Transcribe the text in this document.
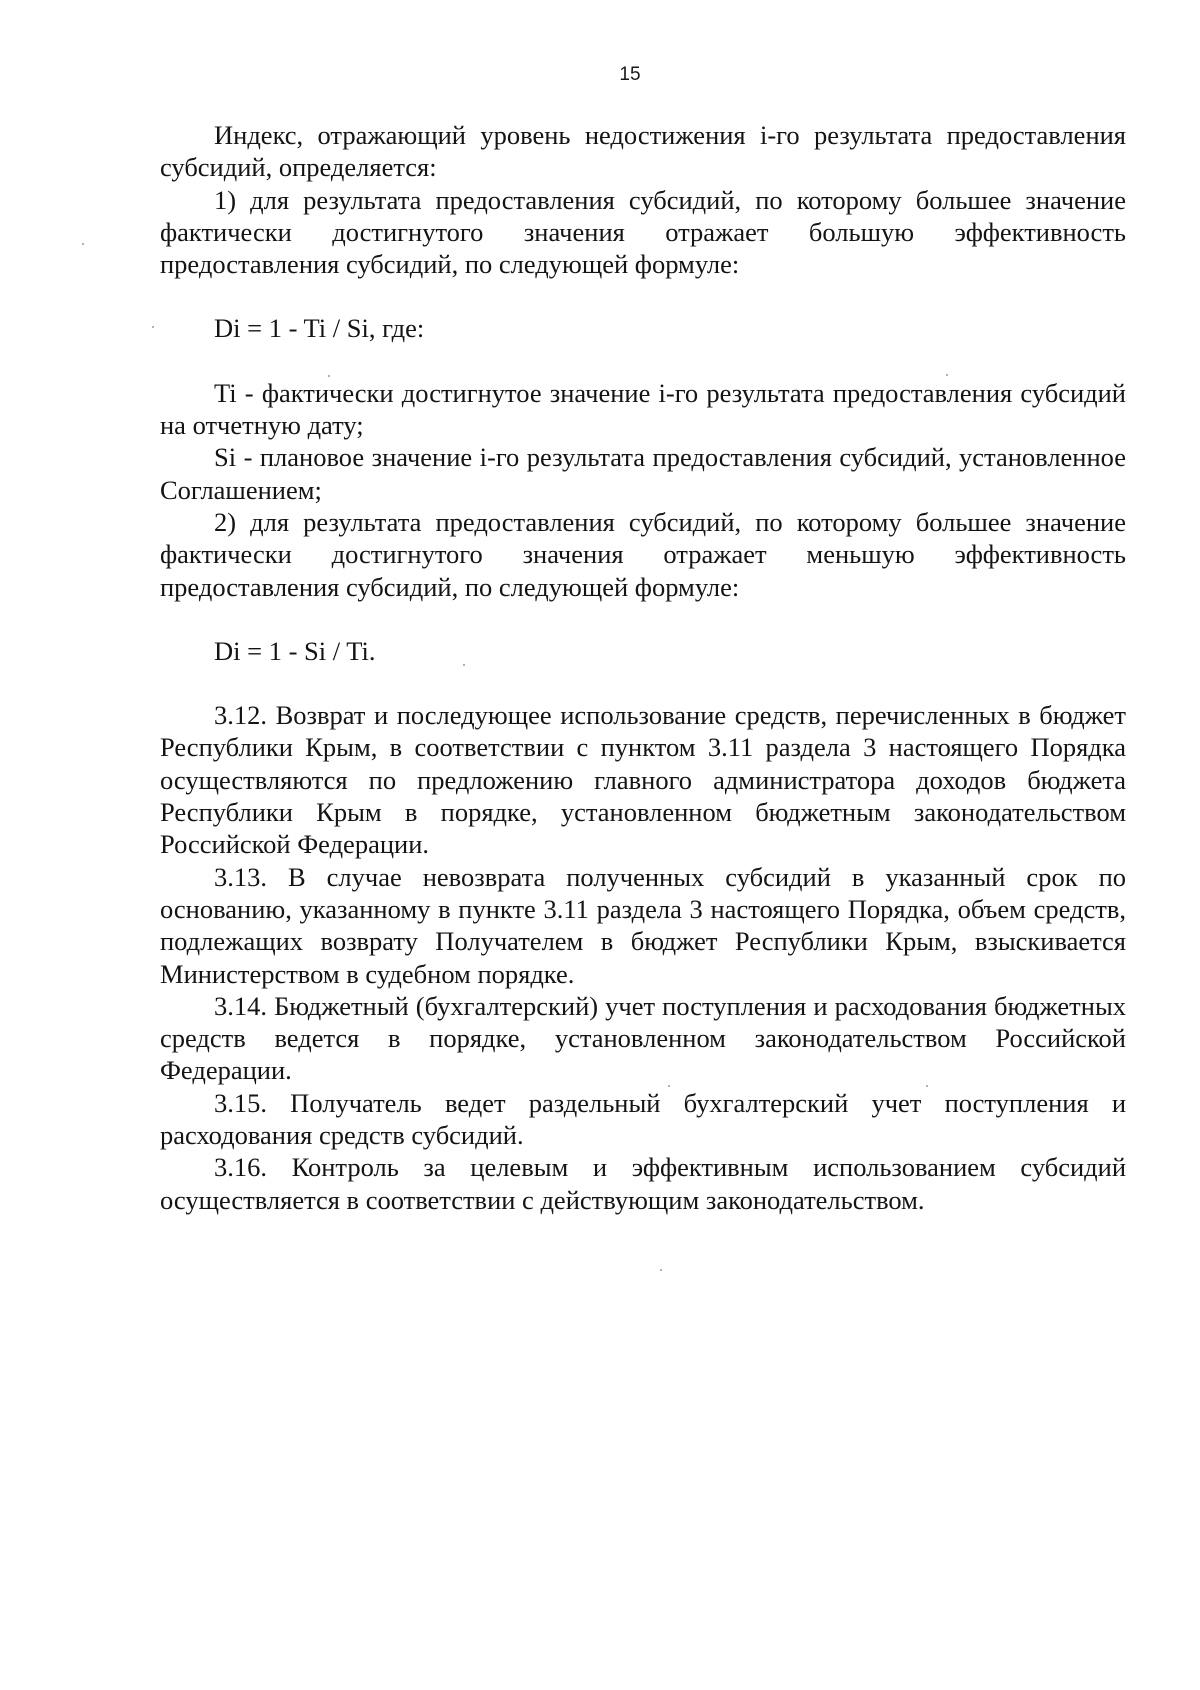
15

Индекс, отражающий уровень недостижения i-го результата предоставления субсидий, определяется:

1) для результата предоставления субсидий, по которому большее значение фактически достигнутого значения отражает большую эффективность предоставления субсидий, по следующей формуле:

Di = 1 - Ti / Si, где:

Ti - фактически достигнутое значение i-го результата предоставления субсидий на отчетную дату;

Si - плановое значение i-го результата предоставления субсидий, установленное Соглашением;

2) для результата предоставления субсидий, по которому большее значение фактически достигнутого значения отражает меньшую эффективность предоставления субсидий, по следующей формуле:

Di = 1 - Si / Ti.

3.12. Возврат и последующее использование средств, перечисленных в бюджет Республики Крым, в соответствии с пунктом 3.11 раздела 3 настоящего Порядка осуществляются по предложению главного администратора доходов бюджета Республики Крым в порядке, установленном бюджетным законодательством Российской Федерации.

3.13. В случае невозврата полученных субсидий в указанный срок по основанию, указанному в пункте 3.11 раздела 3 настоящего Порядка, объем средств, подлежащих возврату Получателем в бюджет Республики Крым, взыскивается Министерством в судебном порядке.

3.14. Бюджетный (бухгалтерский) учет поступления и расходования бюджетных средств ведется в порядке, установленном законодательством Российской Федерации.

3.15. Получатель ведет раздельный бухгалтерский учет поступления и расходования средств субсидий.

3.16. Контроль за целевым и эффективным использованием субсидий осуществляется в соответствии с действующим законодательством.
